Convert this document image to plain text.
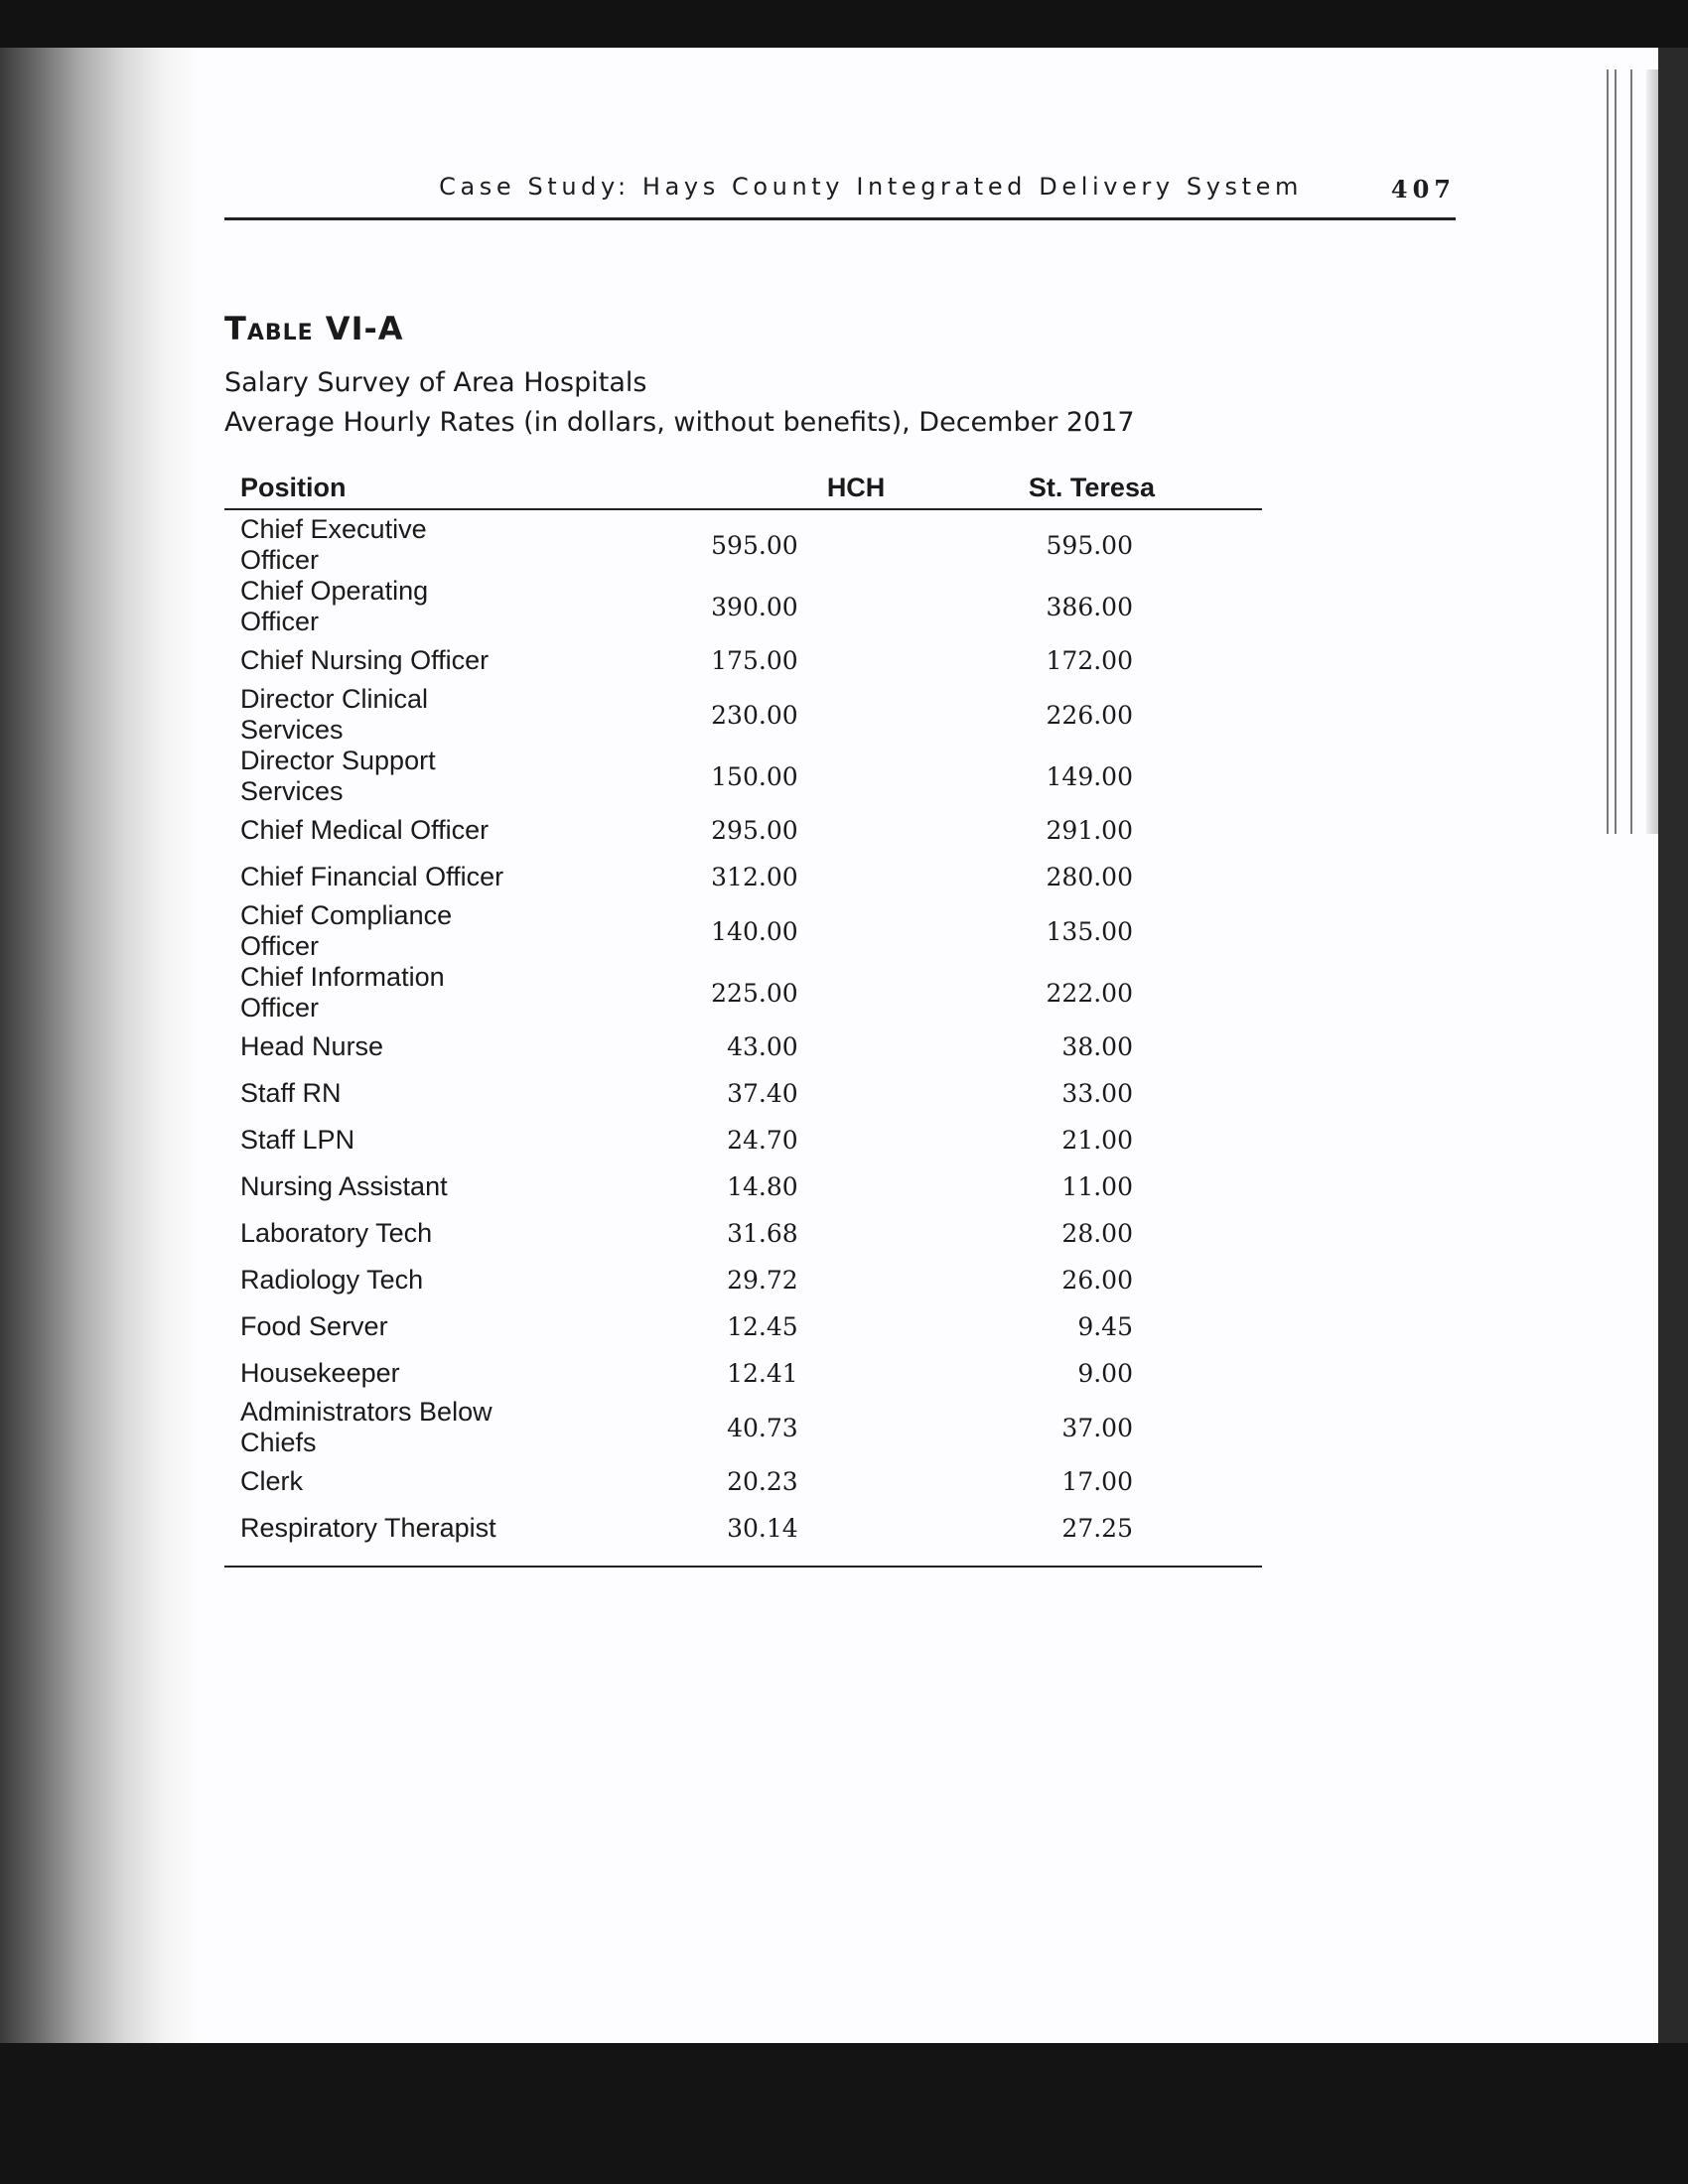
Case Study: Hays County Integrated Delivery System	407
Table VI-A
Salary Survey of Area Hospitals
Average Hourly Rates (in dollars, without benefits), December 2017
Position	HCH	St. Teresa
Chief Executive Officer	595.00	595.00
Chief Operating Officer	390.00	386.00
Chief Nursing Officer	175.00	172.00
Director Clinical Services	230.00	226.00
Director Support Services	150.00	149.00
Chief Medical Officer	295.00	291.00
Chief Financial Officer	312.00	280.00
Chief Compliance Officer	140.00	135.00
Chief Information Officer	225.00	222.00
Head Nurse	43.00	38.00
Staff RN	37.40	33.00
Staff LPN	24.70	21.00
Nursing Assistant	14.80	11.00
Laboratory Tech	31.68	28.00
Radiology Tech	29.72	26.00
Food Server	12.45	9.45
Housekeeper	12.41	9.00
Administrators Below Chiefs	40.73	37.00
Clerk	20.23	17.00
Respiratory Therapist	30.14	27.25
